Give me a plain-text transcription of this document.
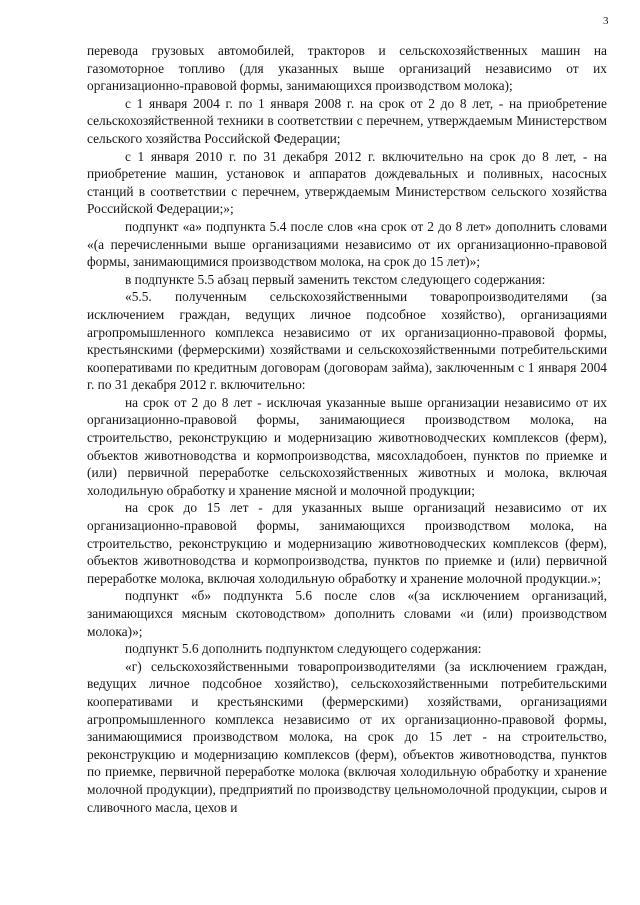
3

перевода грузовых автомобилей, тракторов и сельскохозяйственных машин на газомоторное топливо (для указанных выше организаций независимо от их организационно-правовой формы, занимающихся производством молока);

с 1 января 2004 г. по 1 января 2008 г. на срок от 2 до 8 лет, - на приобретение сельскохозяйственной техники в соответствии с перечнем, утверждаемым Министерством сельского хозяйства Российской Федерации;

с 1 января 2010 г. по 31 декабря 2012 г. включительно на срок до 8 лет, - на приобретение машин, установок и аппаратов дождевальных и поливных, насосных станций в соответствии с перечнем, утверждаемым Министерством сельского хозяйства Российской Федерации;»;

подпункт «а» подпункта 5.4 после слов «на срок от 2 до 8 лет» дополнить словами «(а перечисленными выше организациями независимо от их организационно-правовой формы, занимающимися производством молока, на срок до 15 лет)»;

в подпункте 5.5 абзац первый заменить текстом следующего содержания:

«5.5. полученным сельскохозяйственными товаропроизводителями (за исключением граждан, ведущих личное подсобное хозяйство), организациями агропромышленного комплекса независимо от их организационно-правовой формы, крестьянскими (фермерскими) хозяйствами и сельскохозяйственными потребительскими кооперативами по кредитным договорам (договорам займа), заключенным с 1 января 2004 г. по 31 декабря 2012 г. включительно:

на срок от 2 до 8 лет - исключая указанные выше организации независимо от их организационно-правовой формы, занимающиеся производством молока, на строительство, реконструкцию и модернизацию животноводческих комплексов (ферм), объектов животноводства и кормопроизводства, мясохладобоен, пунктов по приемке и (или) первичной переработке сельскохозяйственных животных и молока, включая холодильную обработку и хранение мясной и молочной продукции;

на срок до 15 лет - для указанных выше организаций независимо от их организационно-правовой формы, занимающихся производством молока, на строительство, реконструкцию и модернизацию животноводческих комплексов (ферм), объектов животноводства и кормопроизводства, пунктов по приемке и (или) первичной переработке молока, включая холодильную обработку и хранение молочной продукции.»;

подпункт «б» подпункта 5.6 после слов «(за исключением организаций, занимающихся мясным скотоводством» дополнить словами «и (или) производством молока)»;

подпункт 5.6 дополнить подпунктом следующего содержания:

«г) сельскохозяйственными товаропроизводителями (за исключением граждан, ведущих личное подсобное хозяйство), сельскохозяйственными потребительскими кооперативами и крестьянскими (фермерскими) хозяйствами, организациями агропромышленного комплекса независимо от их организационно-правовой формы, занимающимися производством молока, на срок до 15 лет - на строительство, реконструкцию и модернизацию комплексов (ферм), объектов животноводства, пунктов по приемке, первичной переработке молока (включая холодильную обработку и хранение молочной продукции), предприятий по производству цельномолочной продукции, сыров и сливочного масла, цехов и
